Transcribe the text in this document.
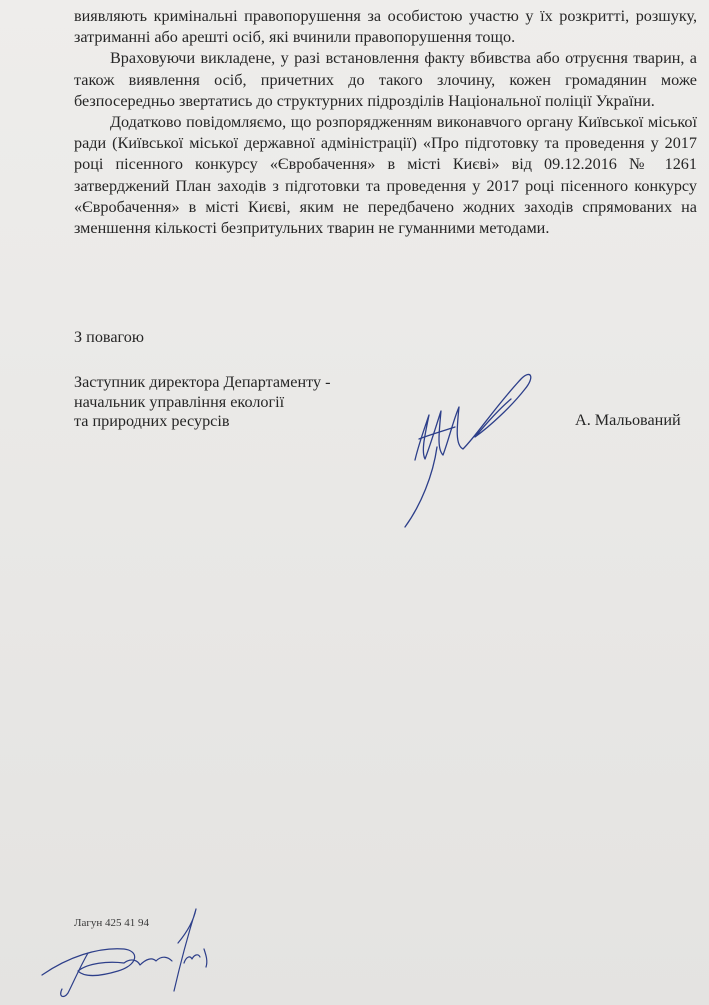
виявляють кримінальні правопорушення за особистою участю у їх розкритті, розшуку, затриманні або арешті осіб, які вчинили правопорушення тощо.

Враховуючи викладене, у разі встановлення факту вбивства або отруєння тварин, а також виявлення осіб, причетних до такого злочину, кожен громадянин може безпосередньо звертатись до структурних підрозділів Національної поліції України.

Додатково повідомляємо, що розпорядженням виконавчого органу Київської міської ради (Київської міської державної адміністрації) «Про підготовку та проведення у 2017 році пісенного конкурсу «Євробачення» в місті Києві» від 09.12.2016 № 1261 затверджений План заходів з підготовки та проведення у 2017 році пісенного конкурсу «Євробачення» в місті Києві, яким не передбачено жодних заходів спрямованих на зменшення кількості безпритульних тварин не гуманними методами.

З повагою
Заступник директора Департаменту -
начальник управління екології
та природних ресурсів	А. Мальований
Лагун 425 41 94
